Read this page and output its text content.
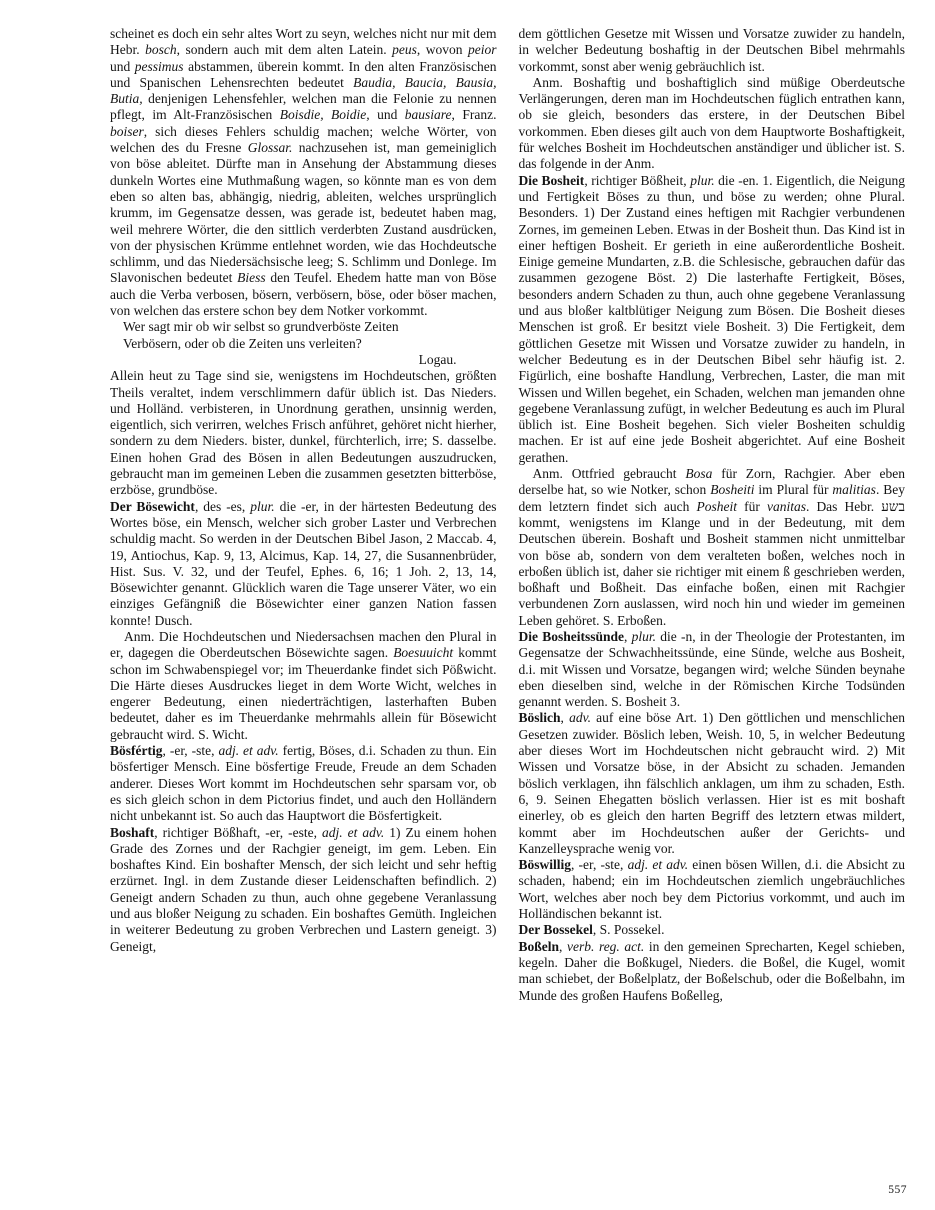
scheinet es doch ein sehr altes Wort zu seyn, welches nicht nur mit dem Hebr. bosch, sondern auch mit dem alten Latein. peus, wovon peior und pessimus abstammen, überein kommt. In den alten Französischen und Spanischen Lehensrechten bedeutet Baudia, Baucia, Bausia, Butia, denjenigen Lehensfehler, welchen man die Felonie zu nennen pflegt, im Alt-Französischen Boisdie, Boidie, und bausiare, Franz. boiser, sich dieses Fehlers schuldig machen; welche Wörter, von welchen des du Fresne Glossar. nachzusehen ist, man gemeiniglich von böse ableitet. Dürfte man in Ansehung der Abstammung dieses dunkeln Wortes eine Muthmaßung wagen, so könnte man es von dem eben so alten bas, abhängig, niedrig, ableiten, welches ursprünglich krumm, im Gegensatze dessen, was gerade ist, bedeutet haben mag, weil mehrere Wörter, die den sittlich verderbten Zustand ausdrücken, von der physischen Krümme entlehnet worden, wie das Hochdeutsche schlimm, und das Niedersächsische leeg; S. Schlimm und Donlege. Im Slavonischen bedeutet Biess den Teufel. Ehedem hatte man von Böse auch die Verba verbosen, bösern, verbösern, böse, oder böser machen, von welchen das erstere schon bey dem Notker vorkommt.

Wer sagt mir ob wir selbst so grundverböste Zeiten

Verbösern, oder ob die Zeiten uns verleiten?

Logau.

Allein heut zu Tage sind sie, wenigstens im Hochdeutschen, größten Theils veraltet, indem verschlimmern dafür üblich ist. Das Nieders. und Holländ. verbisteren, in Unordnung gerathen, unsinnig werden, eigentlich, sich verirren, welches Frisch anführet, gehöret nicht hierher, sondern zu dem Nieders. bister, dunkel, fürchterlich, irre; S. dasselbe. Einen hohen Grad des Bösen in allen Bedeutungen auszudrucken, gebraucht man im gemeinen Leben die zusammen gesetzten bitterböse, erzböse, grundböse.

Der Bösewicht, des -es, plur. die -er, in der härtesten Bedeutung des Wortes böse, ein Mensch, welcher sich grober Laster und Verbrechen schuldig macht. So werden in der Deutschen Bibel Jason, 2 Maccab. 4, 19, Antiochus, Kap. 9, 13, Alcimus, Kap. 14, 27, die Susannenbrüder, Hist. Sus. V. 32, und der Teufel, Ephes. 6, 16; 1 Joh. 2, 13, 14, Bösewichter genannt. Glücklich waren die Tage unserer Väter, wo ein einziges Gefängniß die Bösewichter einer ganzen Nation fassen konnte! Dusch.

Anm. Die Hochdeutschen und Niedersachsen machen den Plural in er, dagegen die Oberdeutschen Bösewichte sagen. Boesuuicht kommt schon im Schwabenspiegel vor; im Theuerdanke findet sich Pößwicht. Die Härte dieses Ausdruckes lieget in dem Worte Wicht, welches in engerer Bedeutung, einen niederträchtigen, lasterhaften Buben bedeutet, daher es im Theuerdanke mehrmahls allein für Bösewicht gebraucht wird. S. Wicht.

Bösfértig, -er, -ste, adj. et adv. fertig, Böses, d.i. Schaden zu thun. Ein bösfertiger Mensch. Eine bösfertige Freude, Freude an dem Schaden anderer. Dieses Wort kommt im Hochdeutschen sehr sparsam vor, ob es sich gleich schon in dem Pictorius findet, und auch den Holländern nicht unbekannt ist. So auch das Hauptwort die Bösfertigkeit.

Boshaft, richtiger Bößhaft, -er, -este, adj. et adv. 1) Zu einem hohen Grade des Zornes und der Rachgier geneigt, im gem. Leben. Ein boshaftes Kind. Ein boshafter Mensch, der sich leicht und sehr heftig erzürnet. Ingl. in dem Zustande dieser Leidenschaften befindlich. 2) Geneigt andern Schaden zu thun, auch ohne gegebene Veranlassung und aus bloßer Neigung zu schaden. Ein boshaftes Gemüth. Ingleichen in weiterer Bedeutung zu groben Verbrechen und Lastern geneigt. 3) Geneigt,

dem göttlichen Gesetze mit Wissen und Vorsatze zuwider zu handeln, in welcher Bedeutung boshaftig in der Deutschen Bibel mehrmahls vorkommt, sonst aber wenig gebräuchlich ist.

Anm. Boshaftig und boshaftiglich sind müßige Oberdeutsche Verlängerungen, deren man im Hochdeutschen füglich entrathen kann, ob sie gleich, besonders das erstere, in der Deutschen Bibel vorkommen. Eben dieses gilt auch von dem Hauptworte Boshaftigkeit, für welches Bosheit im Hochdeutschen anständiger und üblicher ist. S. das folgende in der Anm.

Die Bosheit, richtiger Bößheit, plur. die -en. 1. Eigentlich, die Neigung und Fertigkeit Böses zu thun, und böse zu werden; ohne Plural. Besonders. 1) Der Zustand eines heftigen mit Rachgier verbundenen Zornes, im gemeinen Leben. Etwas in der Bosheit thun. Das Kind ist in einer heftigen Bosheit. Er gerieth in eine außerordentliche Bosheit. Einige gemeine Mundarten, z.B. die Schlesische, gebrauchen dafür das zusammen gezogene Böst. 2) Die lasterhafte Fertigkeit, Böses, besonders andern Schaden zu thun, auch ohne gegebene Veranlassung und aus bloßer kaltblütiger Neigung zum Bösen. Die Bosheit dieses Menschen ist groß. Er besitzt viele Bosheit. 3) Die Fertigkeit, dem göttlichen Gesetze mit Wissen und Vorsatze zuwider zu handeln, in welcher Bedeutung es in der Deutschen Bibel sehr häufig ist. 2. Figürlich, eine boshafte Handlung, Verbrechen, Laster, die man mit Wissen und Willen begehet, ein Schaden, welchen man jemanden ohne gegebene Veranlassung zufügt, in welcher Bedeutung es auch im Plural üblich ist. Eine Bosheit begehen. Sich vieler Bosheiten schuldig machen. Er ist auf eine jede Bosheit abgerichtet. Auf eine Bosheit gerathen.

Anm. Ottfried gebraucht Bosa für Zorn, Rachgier. Aber eben derselbe hat, so wie Notker, schon Bosheiti im Plural für malitias. Bey dem letztern findet sich auch Posheit für vanitas. Das Hebr. בשע kommt, wenigstens im Klange und in der Bedeutung, mit dem Deutschen überein. Boshaft und Bosheit stammen nicht unmittelbar von böse ab, sondern von dem veralteten boßen, welches noch in erboßen üblich ist, daher sie richtiger mit einem ß geschrieben werden, boßhaft und Boßheit. Das einfache boßen, einen mit Rachgier verbundenen Zorn auslassen, wird noch hin und wieder im gemeinen Leben gehöret. S. Erboßen.

Die Bosheitssünde, plur. die -n, in der Theologie der Protestanten, im Gegensatze der Schwachheitssünde, eine Sünde, welche aus Bosheit, d.i. mit Wissen und Vorsatze, begangen wird; welche Sünden beynahe eben dieselben sind, welche in der Römischen Kirche Todsünden genannt werden. S. Bosheit 3.

Böslich, adv. auf eine böse Art. 1) Den göttlichen und menschlichen Gesetzen zuwider. Böslich leben, Weish. 10, 5, in welcher Bedeutung aber dieses Wort im Hochdeutschen nicht gebraucht wird. 2) Mit Wissen und Vorsatze böse, in der Absicht zu schaden. Jemanden böslich verklagen, ihn fälschlich anklagen, um ihm zu schaden, Esth. 6, 9. Seinen Ehegatten böslich verlassen. Hier ist es mit boshaft einerley, ob es gleich den harten Begriff des letztern etwas mildert, kommt aber im Hochdeutschen außer der Gerichts- und Kanzelleysprache wenig vor.

Böswillig, -er, -ste, adj. et adv. einen bösen Willen, d.i. die Absicht zu schaden, habend; ein im Hochdeutschen ziemlich ungebräuchliches Wort, welches aber noch bey dem Pictorius vorkommt, und auch im Holländischen bekannt ist.

Der Bossekel, S. Possekel.

Boßeln, verb. reg. act. in den gemeinen Sprecharten, Kegel schieben, kegeln. Daher die Boßkugel, Nieders. die Boßel, die Kugel, womit man schiebet, der Boßelplatz, der Boßelschub, oder die Boßelbahn, im Munde des großen Haufens Boßelleg,

557
